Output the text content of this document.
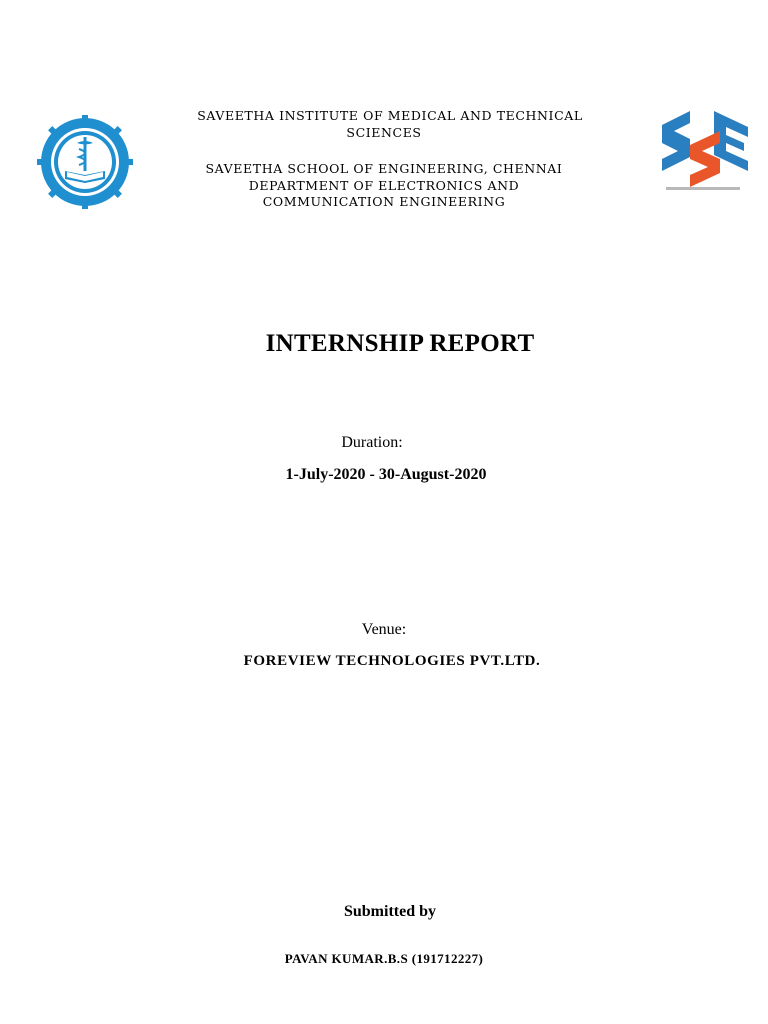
SAVEETHA INSTITUTE OF MEDICAL AND TECHNICAL
SCIENCES
SAVEETHA SCHOOL OF ENGINEERING, CHENNAI
DEPARTMENT OF ELECTRONICS AND
COMMUNICATION ENGINEERING
INTERNSHIP REPORT
Duration:
1-July-2020 - 30-August-2020
Venue:
FOREVIEW TECHNOLOGIES PVT.LTD.
Submitted by
PAVAN KUMAR.B.S (191712227)
